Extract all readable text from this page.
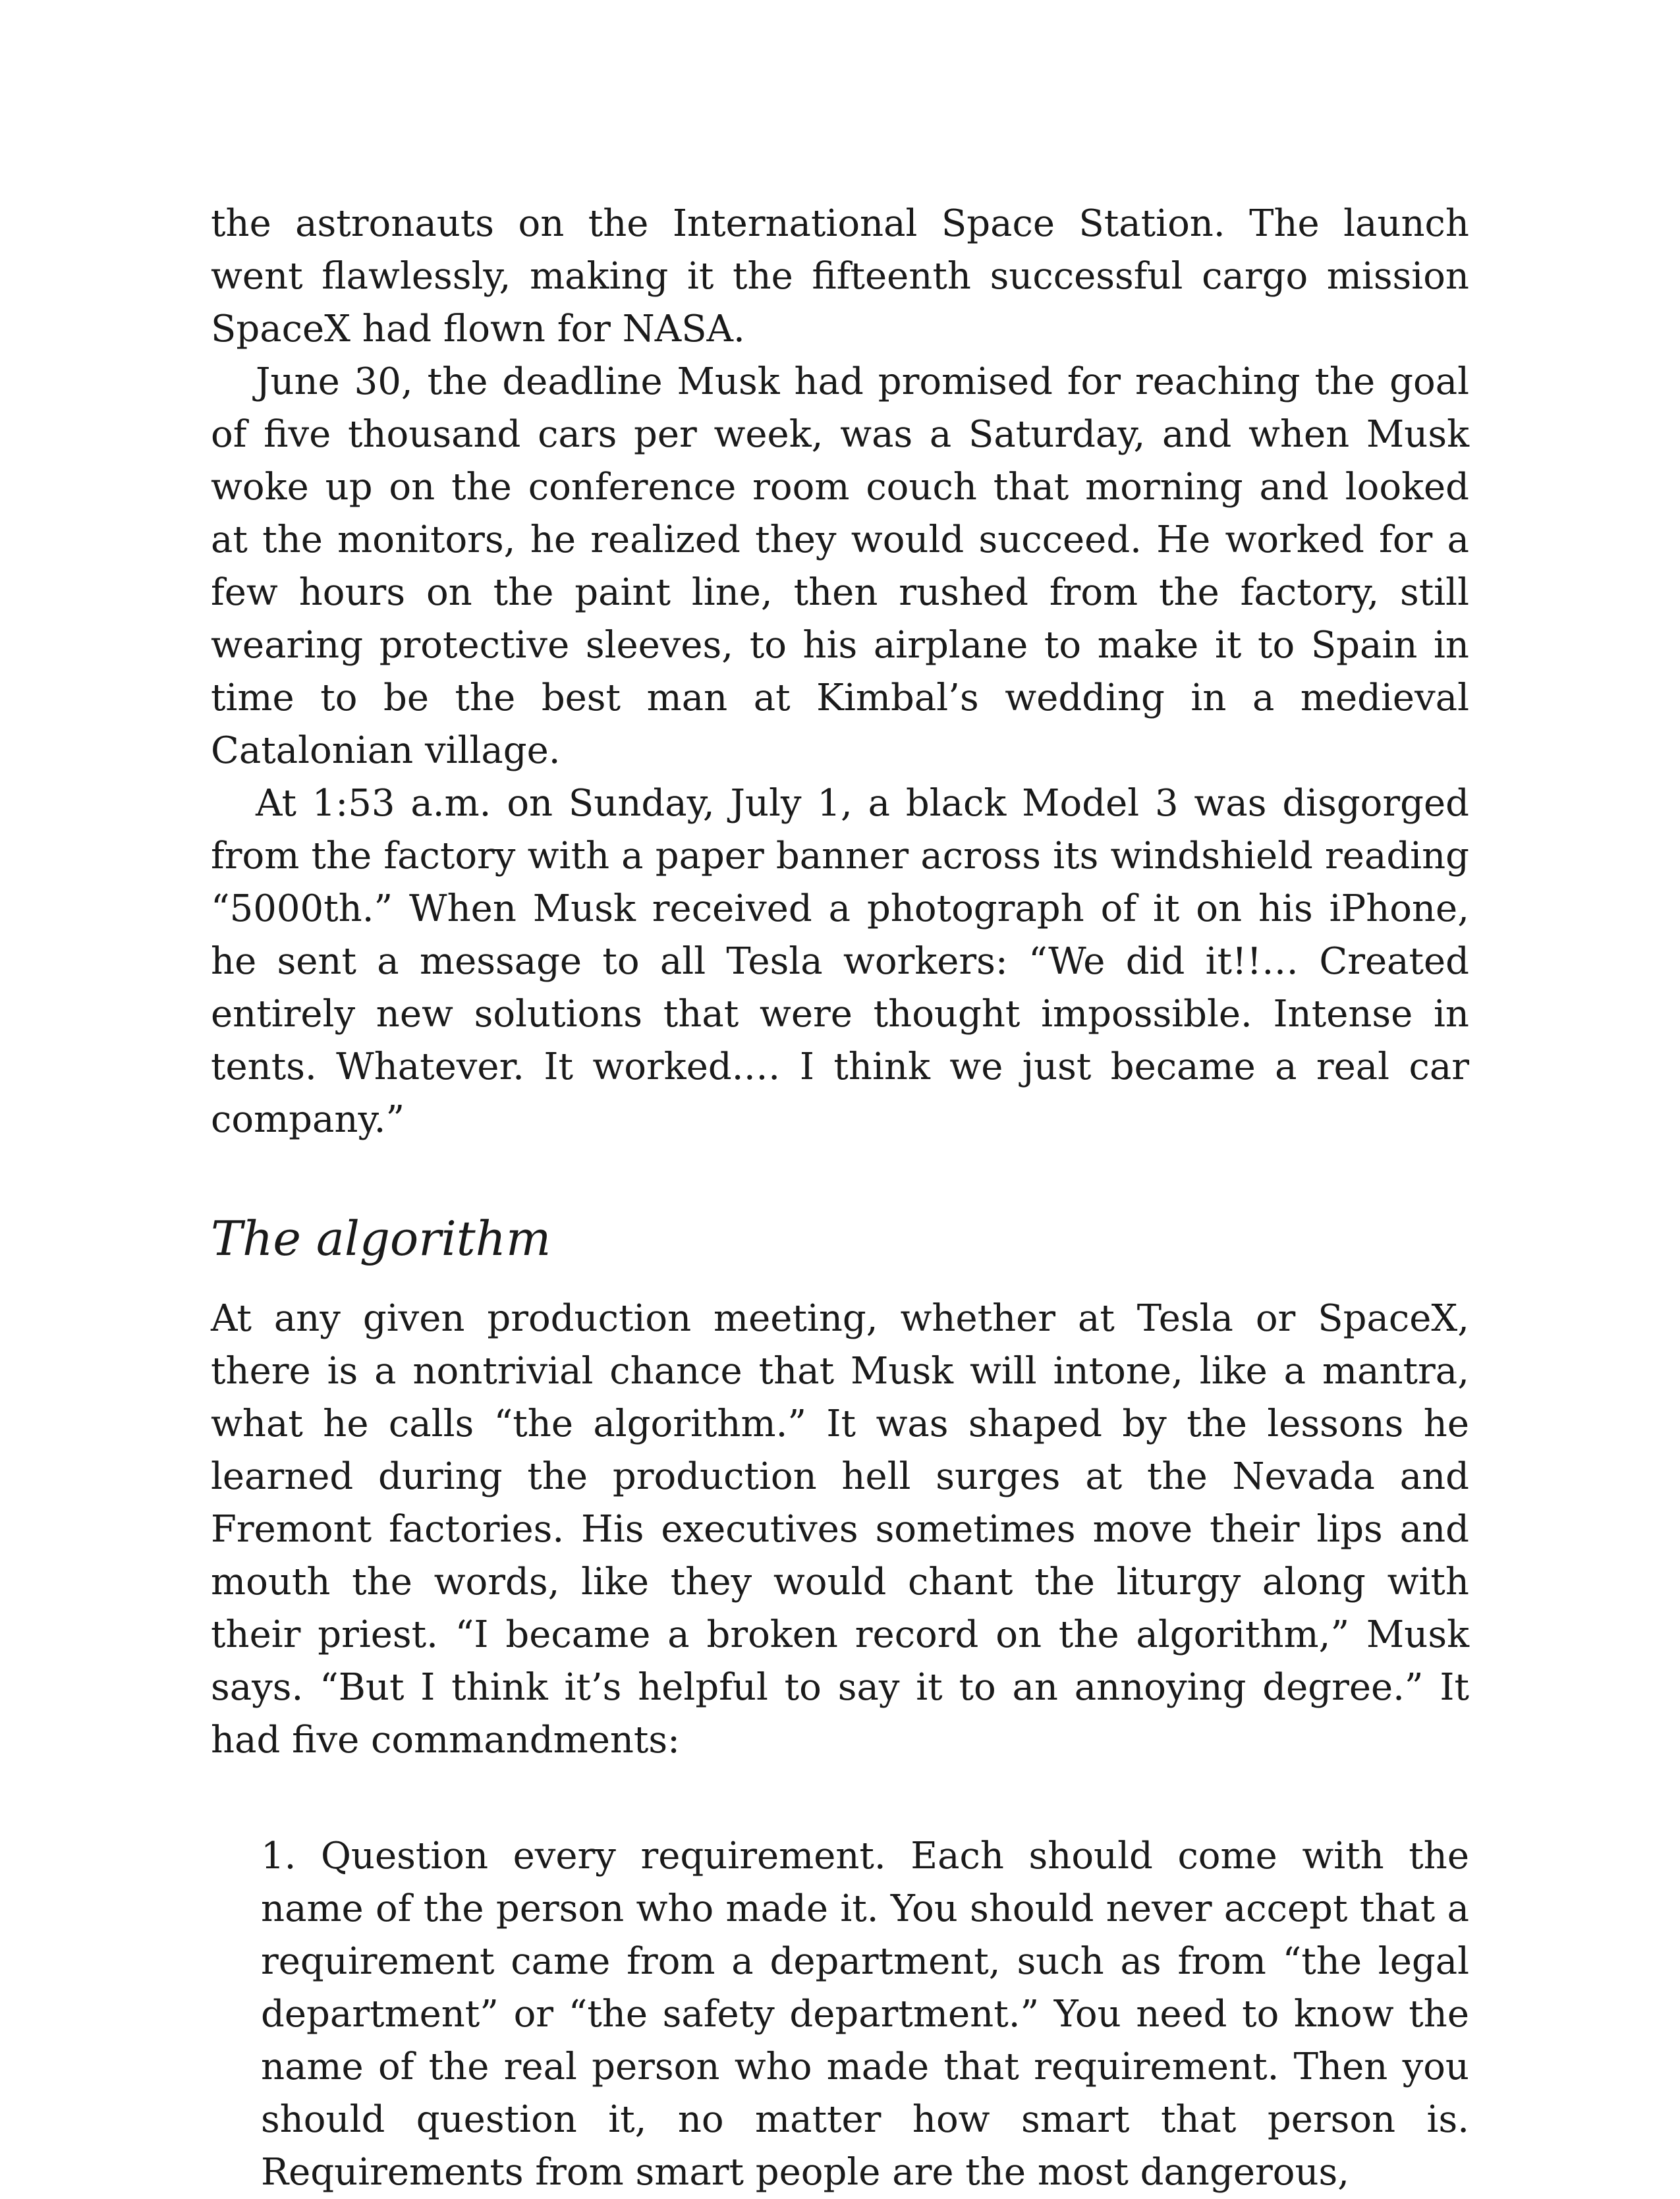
the astronauts on the International Space Station. The launch went flawlessly, making it the fifteenth successful cargo mission SpaceX had flown for NASA.

June 30, the deadline Musk had promised for reaching the goal of five thousand cars per week, was a Saturday, and when Musk woke up on the conference room couch that morning and looked at the monitors, he realized they would succeed. He worked for a few hours on the paint line, then rushed from the factory, still wearing protective sleeves, to his airplane to make it to Spain in time to be the best man at Kimbal’s wedding in a medieval Catalonian village.

At 1:53 a.m. on Sunday, July 1, a black Model 3 was disgorged from the factory with a paper banner across its windshield reading “5000th.” When Musk received a photograph of it on his iPhone, he sent a message to all Tesla workers: “We did it!!… Created entirely new solutions that were thought impossible. Intense in tents. Whatever. It worked.… I think we just became a real car company.”

The algorithm

At any given production meeting, whether at Tesla or SpaceX, there is a nontrivial chance that Musk will intone, like a mantra, what he calls “the algorithm.” It was shaped by the lessons he learned during the production hell surges at the Nevada and Fremont factories. His executives sometimes move their lips and mouth the words, like they would chant the liturgy along with their priest. “I became a broken record on the algorithm,” Musk says. “But I think it’s helpful to say it to an annoying degree.” It had five commandments:

1. Question every requirement. Each should come with the name of the person who made it. You should never accept that a requirement came from a department, such as from “the legal department” or “the safety department.” You need to know the name of the real person who made that requirement. Then you should question it, no matter how smart that person is. Requirements from smart people are the most dangerous,
